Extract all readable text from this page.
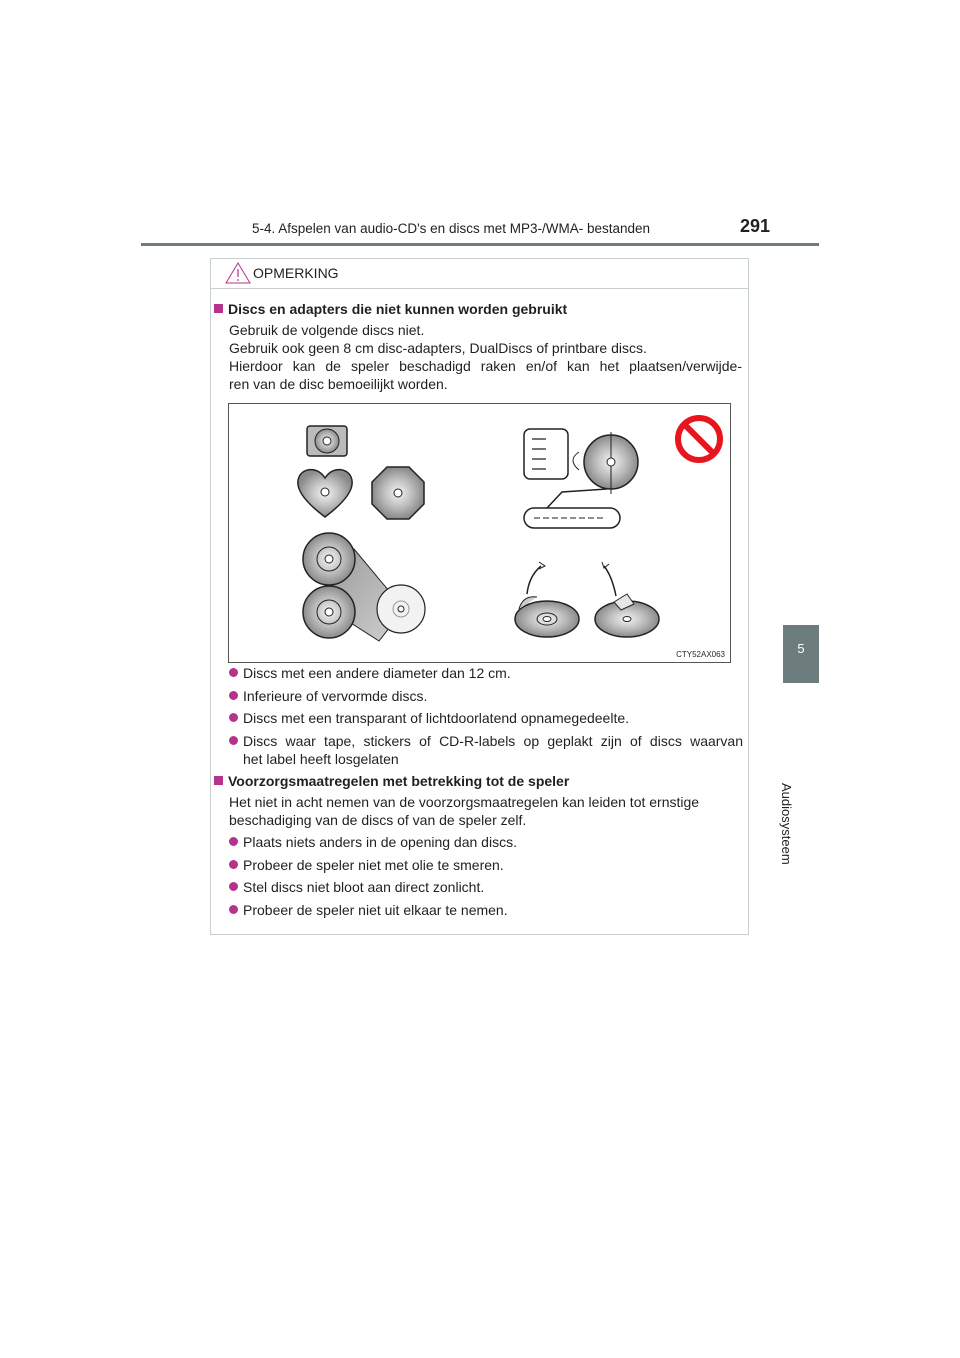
5-4. Afspelen van audio-CD's en discs met MP3-/WMA- bestanden	291
5
Audiosysteem
OPMERKING
Discs en adapters die niet kunnen worden gebruikt
Gebruik de volgende discs niet.
Gebruik ook geen 8 cm disc-adapters, DualDiscs of printbare discs.
Hierdoor kan de speler beschadigd raken en/of kan het plaatsen/verwijde-
ren van de disc bemoeilijkt worden.
CTY52AX063
Discs met een andere diameter dan 12 cm.
Inferieure of vervormde discs.
Discs met een transparant of lichtdoorlatend opnamegedeelte.
Discs waar tape, stickers of CD-R-labels op geplakt zijn of discs waarvan
het label heeft losgelaten
Voorzorgsmaatregelen met betrekking tot de speler
Het niet in acht nemen van de voorzorgsmaatregelen kan leiden tot ernstige
beschadiging van de discs of van de speler zelf.
Plaats niets anders in de opening dan discs.
Probeer de speler niet met olie te smeren.
Stel discs niet bloot aan direct zonlicht.
Probeer de speler niet uit elkaar te nemen.
